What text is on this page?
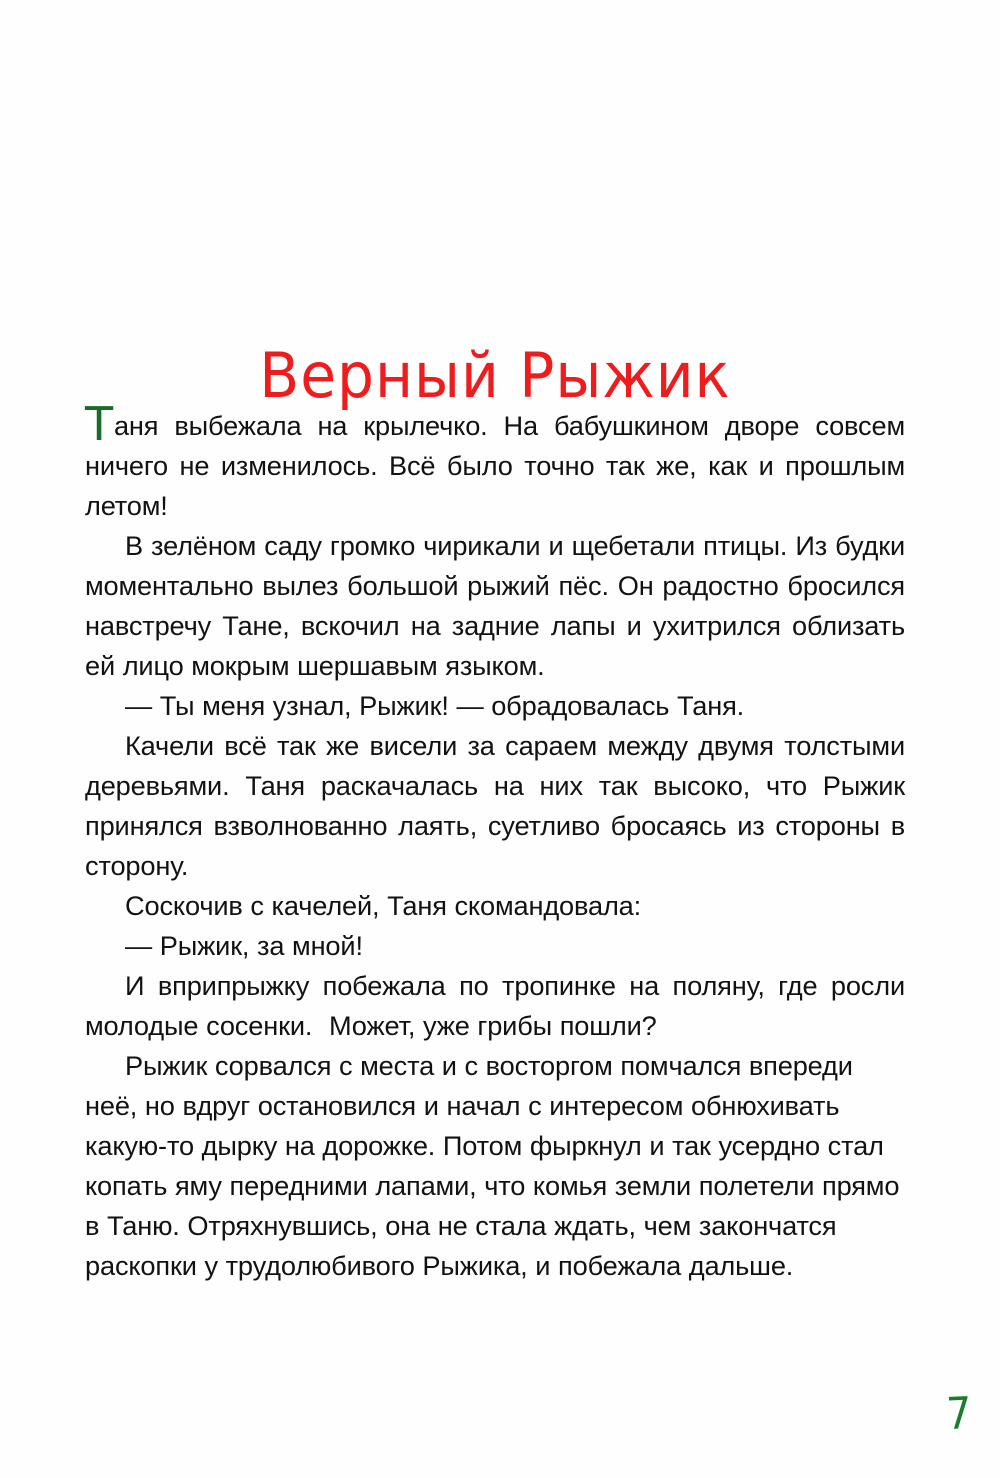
Верный Рыжик

Таня выбежала на крылечко. На бабушкином дворе совсем ничего не изменилось. Всё было точно так же, как и прошлым летом!

В зелёном саду громко чирикали и щебетали птицы. Из будки моментально вылез большой рыжий пёс. Он радостно бросился навстречу Тане, вскочил на задние лапы и ухитрился облизать ей лицо мокрым шершавым языком.

— Ты меня узнал, Рыжик! — обрадовалась Таня.

Качели всё так же висели за сараем между двумя толстыми деревьями. Таня раскачалась на них так высоко, что Рыжик принялся взволнованно лаять, суетливо бросаясь из стороны в сторону.

Соскочив с качелей, Таня скомандовала:

— Рыжик, за мной!

И вприпрыжку побежала по тропинке на поляну, где росли молодые сосенки. Может, уже грибы пошли?

Рыжик сорвался с места и с восторгом помчался впереди неё, но вдруг остановился и начал с интересом обнюхивать какую-то дырку на дорожке. Потом фыркнул и так усердно стал копать яму передними лапами, что комья земли полетели прямо в Таню. Отряхнувшись, она не стала ждать, чем закончатся раскопки у трудолюбивого Рыжика, и побежала дальше.

7
